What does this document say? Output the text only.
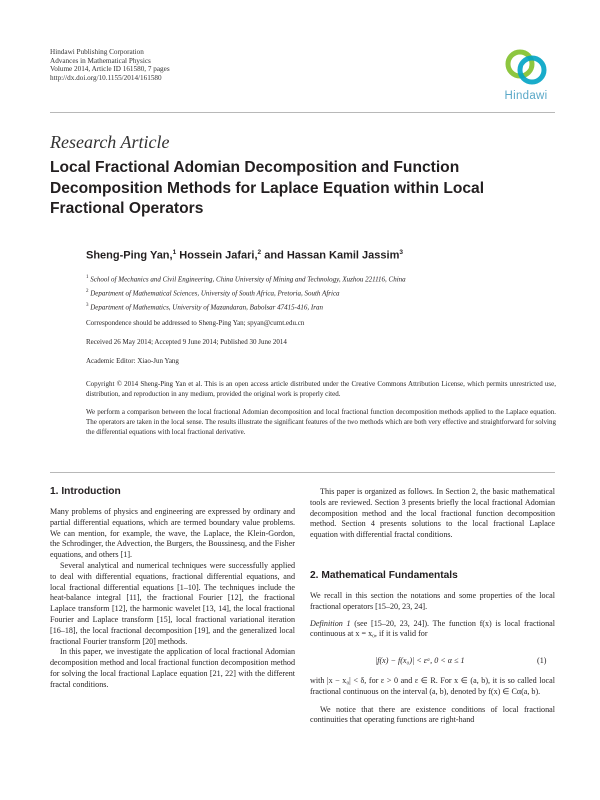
Hindawi Publishing Corporation
Advances in Mathematical Physics
Volume 2014, Article ID 161580, 7 pages
http://dx.doi.org/10.1155/2014/161580
Hindawi
Research Article
Local Fractional Adomian Decomposition and Function Decomposition Methods for Laplace Equation within Local Fractional Operators
Sheng-Ping Yan,$^1$ Hossein Jafari,$^2$ and Hassan Kamil Jassim$^3$
$^1$ School of Mechanics and Civil Engineering, China University of Mining and Technology, Xuzhou 221116, China
$^2$ Department of Mathematical Sciences, University of South Africa, Pretoria, South Africa
$^3$ Department of Mathematics, University of Mazandaran, Babolsar 47415-416, Iran
Correspondence should be addressed to Sheng-Ping Yan; spyan@cumt.edu.cn
Received 26 May 2014; Accepted 9 June 2014; Published 30 June 2014
Academic Editor: Xiao-Jun Yang
Copyright © 2014 Sheng-Ping Yan et al. This is an open access article distributed under the Creative Commons Attribution License, which permits unrestricted use, distribution, and reproduction in any medium, provided the original work is properly cited.
We perform a comparison between the local fractional Adomian decomposition and local fractional function decomposition methods applied to the Laplace equation. The operators are taken in the local sense. The results illustrate the significant features of the two methods which are both very effective and straightforward for solving the differential equations with local fractional derivative.
1. Introduction

Many problems of physics and engineering are expressed by ordinary and partial differential equations, which are termed boundary value problems. We can mention, for example, the wave, the Laplace, the Klein-Gordon, the Schrodinger, the Advection, the Burgers, the Boussinesq, and the Fisher equations, and others [1].

Several analytical and numerical techniques were successfully applied to deal with differential equations, fractional differential equations, and local fractional differential equations [1–10]. The techniques include the heat-balance integral [11], the fractional Fourier [12], the fractional Laplace transform [12], the harmonic wavelet [13, 14], the local fractional Fourier and Laplace transform [15], local fractional variational iteration [16–18], the local fractional decomposition [19], and the generalized local fractional Fourier transform [20] methods.

In this paper, we investigate the application of local fractional Adomian decomposition method and local fractional function decomposition method for solving the local fractional Laplace equation [21, 22] with the different fractal conditions.

This paper is organized as follows. In Section 2, the basic mathematical tools are reviewed. Section 3 presents briefly the local fractional Adomian decomposition method and the local fractional function decomposition method. Section 4 presents solutions to the local fractional Laplace equation with differential fractal conditions.

2. Mathematical Fundamentals

We recall in this section the notations and some properties of the local fractional operators [15–20, 23, 24].

Definition 1 (see [15–20, 23, 24]). The function f(x) is local fractional continuous at x = x₀, if it is valid for

|f(x) − f(x₀)| < εᵅ, 0 < α ≤ 1	(1)

with |x − x₀| < δ, for ε > 0 and ε ∈ R. For x ∈ (a, b), it is so called local fractional continuous on the interval (a, b), denoted by f(x) ∈ Cα(a, b).

We notice that there are existence conditions of local fractional continuities that operating functions are right-hand
